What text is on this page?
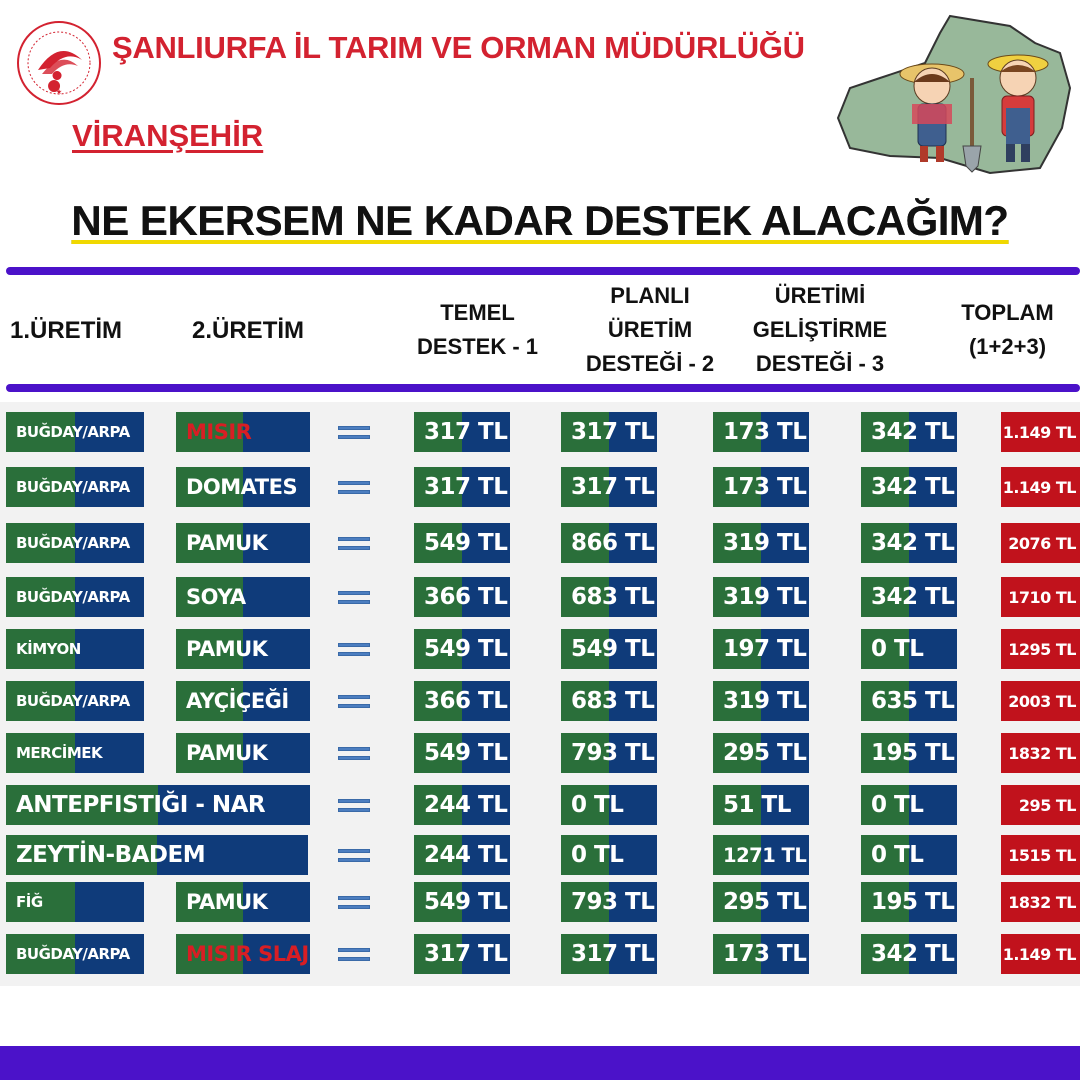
★
ŞANLIURFA İL TARIM VE ORMAN MÜDÜRLÜĞÜ
VİRANŞEHİR
NE EKERSEM NE KADAR DESTEK ALACAĞIM?
1.ÜRETİM	2.ÜRETİM
TEMEL
DESTEK - 1
PLANLI
ÜRETİM
DESTEĞİ - 2
ÜRETİMİ
GELİŞTİRME
DESTEĞİ - 3
TOPLAM
(1+2+3)
BUĞDAY/ARPA	MISIR	317 TL	317 TL	173 TL	342 TL	1.149 TL
BUĞDAY/ARPA	DOMATES	317 TL	317 TL	173 TL	342 TL	1.149 TL
BUĞDAY/ARPA	PAMUK	549 TL	866 TL	319 TL	342 TL	2076 TL
BUĞDAY/ARPA	SOYA	366 TL	683 TL	319 TL	342 TL	1710 TL
KİMYON	PAMUK	549 TL	549 TL	197 TL	0 TL	1295 TL
BUĞDAY/ARPA	AYÇİÇEĞİ	366 TL	683 TL	319 TL	635 TL	2003 TL
MERCİMEK	PAMUK	549 TL	793 TL	295 TL	195 TL	1832 TL
ANTEPFISTIĞI - NAR	244 TL	0 TL	51 TL	0 TL	295 TL
ZEYTİN-BADEM	244 TL	0 TL	1271 TL	0 TL	1515 TL
FİĞ	PAMUK	549 TL	793 TL	295 TL	195 TL	1832 TL
BUĞDAY/ARPA	MISIR SLAJ	317 TL	317 TL	173 TL	342 TL	1.149 TL
